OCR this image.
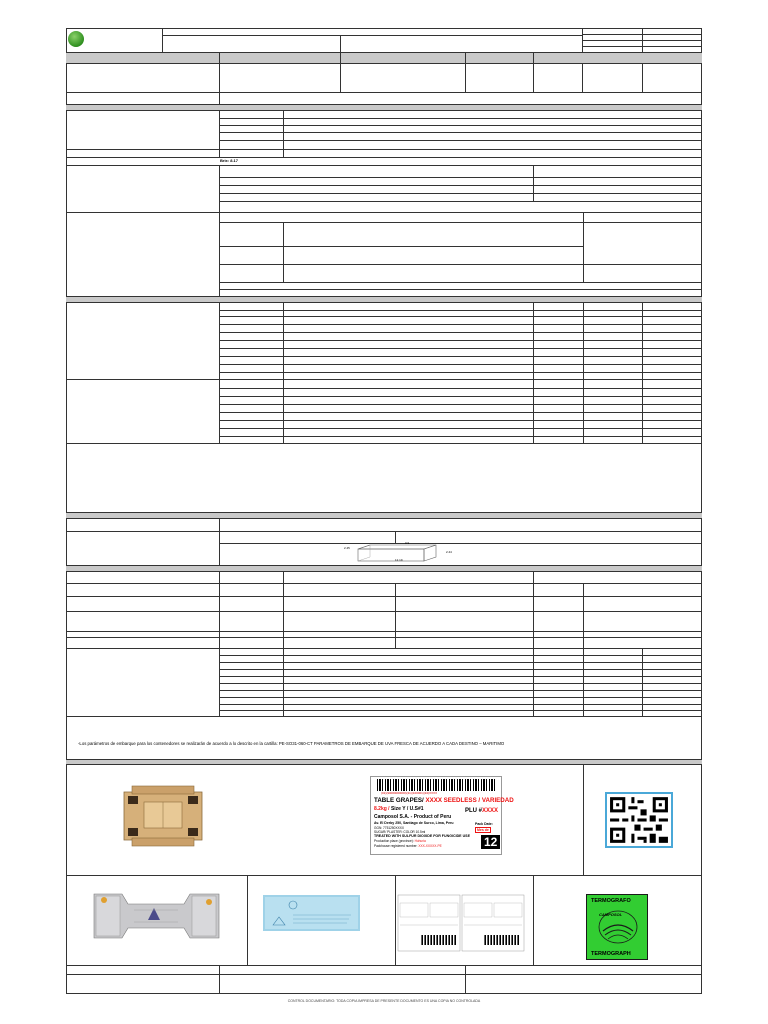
Brix: 8.17
2.45
2.44
12.19
0.9
-Los parámetros de embarque para los contenedores se realizarán de acuerdo a lo descrito en la cartilla: PE-SO31-060-CT PARAMETROS DE EMBARQUE DE UVA FRESCA DE ACUERDO A CADA DESTINO – MARITIMO
(01)(90000000000)(11)(100001)(10)XXXX
TABLE GRAPES/ XXXX SEEDLESS / VARIEDAD
8.2kg / Size Y / U.S#1
Camposol S.A. - Product of Peru
Av. El Derby 250, Santiago de Surco, Lima, Peru
GGN: 7751250XXXX
SUGAR/ PLASTER: COLOR 10.5ml
TREATED WITH SULFUR DIOXIDE FOR FUNGICIDE USE
Production place (province): Huhuria
Packhouse registered number: XXX-XXXXX-PE
PLU #XXXX
Pack Date:
Mes de
12
TERMOGRAFO
CAMPOSOL
TERMOGRAPH
CONTROL DOCUMENTARIO: TODA COPIA IMPRESA DE PRESENTE DOCUMENTO ES UNA COPIA NO CONTROLADA
